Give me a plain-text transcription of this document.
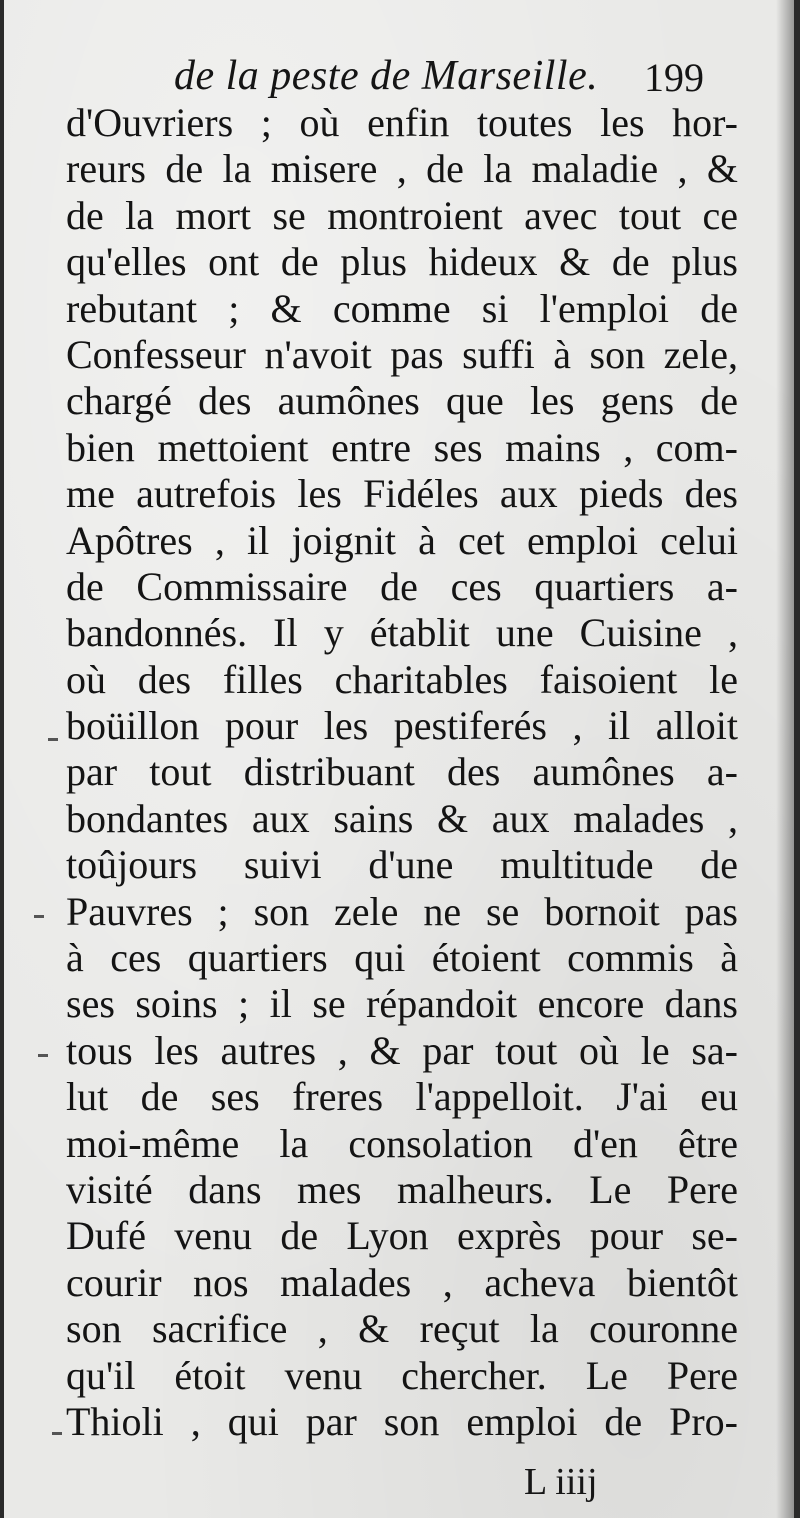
de la peste de Marseille. 199
d'Ouvriers ; où enfin toutes les hor-
reurs de la misere , de la maladie , &
de la mort se montroient avec tout ce
qu'elles ont de plus hideux & de plus
rebutant ; & comme si l'emploi de
Confesseur n'avoit pas suffi à son zele,
chargé des aumônes que les gens de
bien mettoient entre ses mains , com-
me autrefois les Fidéles aux pieds des
Apôtres , il joignit à cet emploi celui
de Commissaire de ces quartiers a-
bandonnés. Il y établit une Cuisine ,
où des filles charitables faisoient le
boüillon pour les pestiferés , il alloit
par tout distribuant des aumônes a-
bondantes aux sains & aux malades ,
toûjours suivi d'une multitude de
Pauvres ; son zele ne se bornoit pas
à ces quartiers qui étoient commis à
ses soins ; il se répandoit encore dans
tous les autres , & par tout où le sa-
lut de ses freres l'appelloit. J'ai eu
moi-même la consolation d'en être
visité dans mes malheurs. Le Pere
Dufé venu de Lyon exprès pour se-
courir nos malades , acheva bientôt
son sacrifice , & reçut la couronne
qu'il étoit venu chercher. Le Pere
Thioli , qui par son emploi de Pro-
L iiij
